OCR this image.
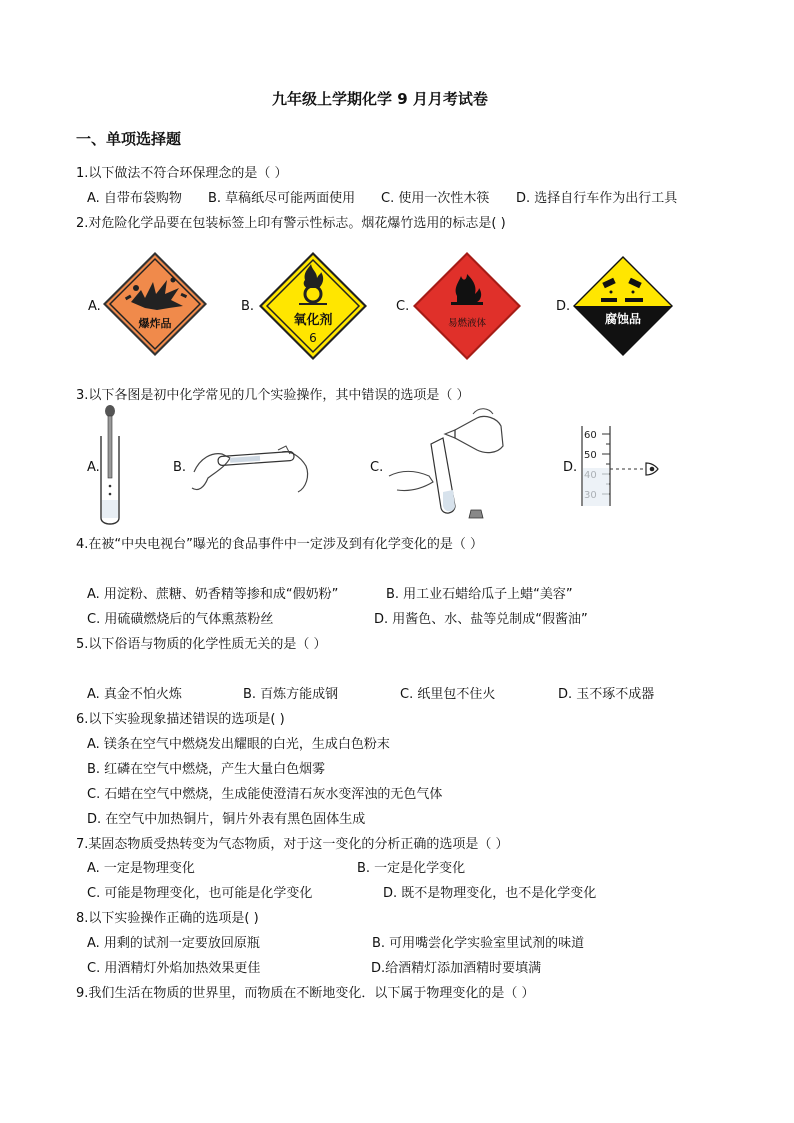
九年级上学期化学 9 月月考试卷
一、单项选择题
1.以下做法不符合环保理念的是（ ）
A. 自带布袋购物 B. 草稿纸尽可能两面使用 C. 使用一次性木筷 D. 选择自行车作为出行工具
2.对危险化学品要在包装标签上印有警示性标志。烟花爆竹选用的标志是( )
A.
爆炸品
B.
氧化剂
6
C.
易燃液体
D.
腐蚀品
3.以下各图是初中化学常见的几个实验操作，其中错误的选项是（ ）
A.	B.	C.	D.
60
50
4.在被“中央电视台”曝光的食品事件中一定涉及到有化学变化的是（ ）
A. 用淀粉、蔗糖、奶香精等掺和成“假奶粉”	B. 用工业石蜡给瓜子上蜡“美容”
C. 用硫磺燃烧后的气体熏蒸粉丝	D. 用酱色、水、盐等兑制成“假酱油”
5.以下俗语与物质的化学性质无关的是（ ）
A. 真金不怕火炼	B. 百炼方能成钢	C. 纸里包不住火	D. 玉不琢不成器
6.以下实验现象描述错误的选项是( )
A. 镁条在空气中燃烧发出耀眼的白光，生成白色粉末
B. 红磷在空气中燃烧，产生大量白色烟雾
C. 石蜡在空气中燃烧，生成能使澄清石灰水变浑浊的无色气体
D. 在空气中加热铜片，铜片外表有黑色固体生成
7.某固态物质受热转变为气态物质，对于这一变化的分析正确的选项是（ ）
A. 一定是物理变化	B. 一定是化学变化
C. 可能是物理变化，也可能是化学变化	D. 既不是物理变化，也不是化学变化
8.以下实验操作正确的选项是( )
A. 用剩的试剂一定要放回原瓶	B. 可用嘴尝化学实验室里试剂的味道
C. 用酒精灯外焰加热效果更佳	D.给酒精灯添加酒精时要填满
9.我们生活在物质的世界里，而物质在不断地变化．以下属于物理变化的是（ ）
